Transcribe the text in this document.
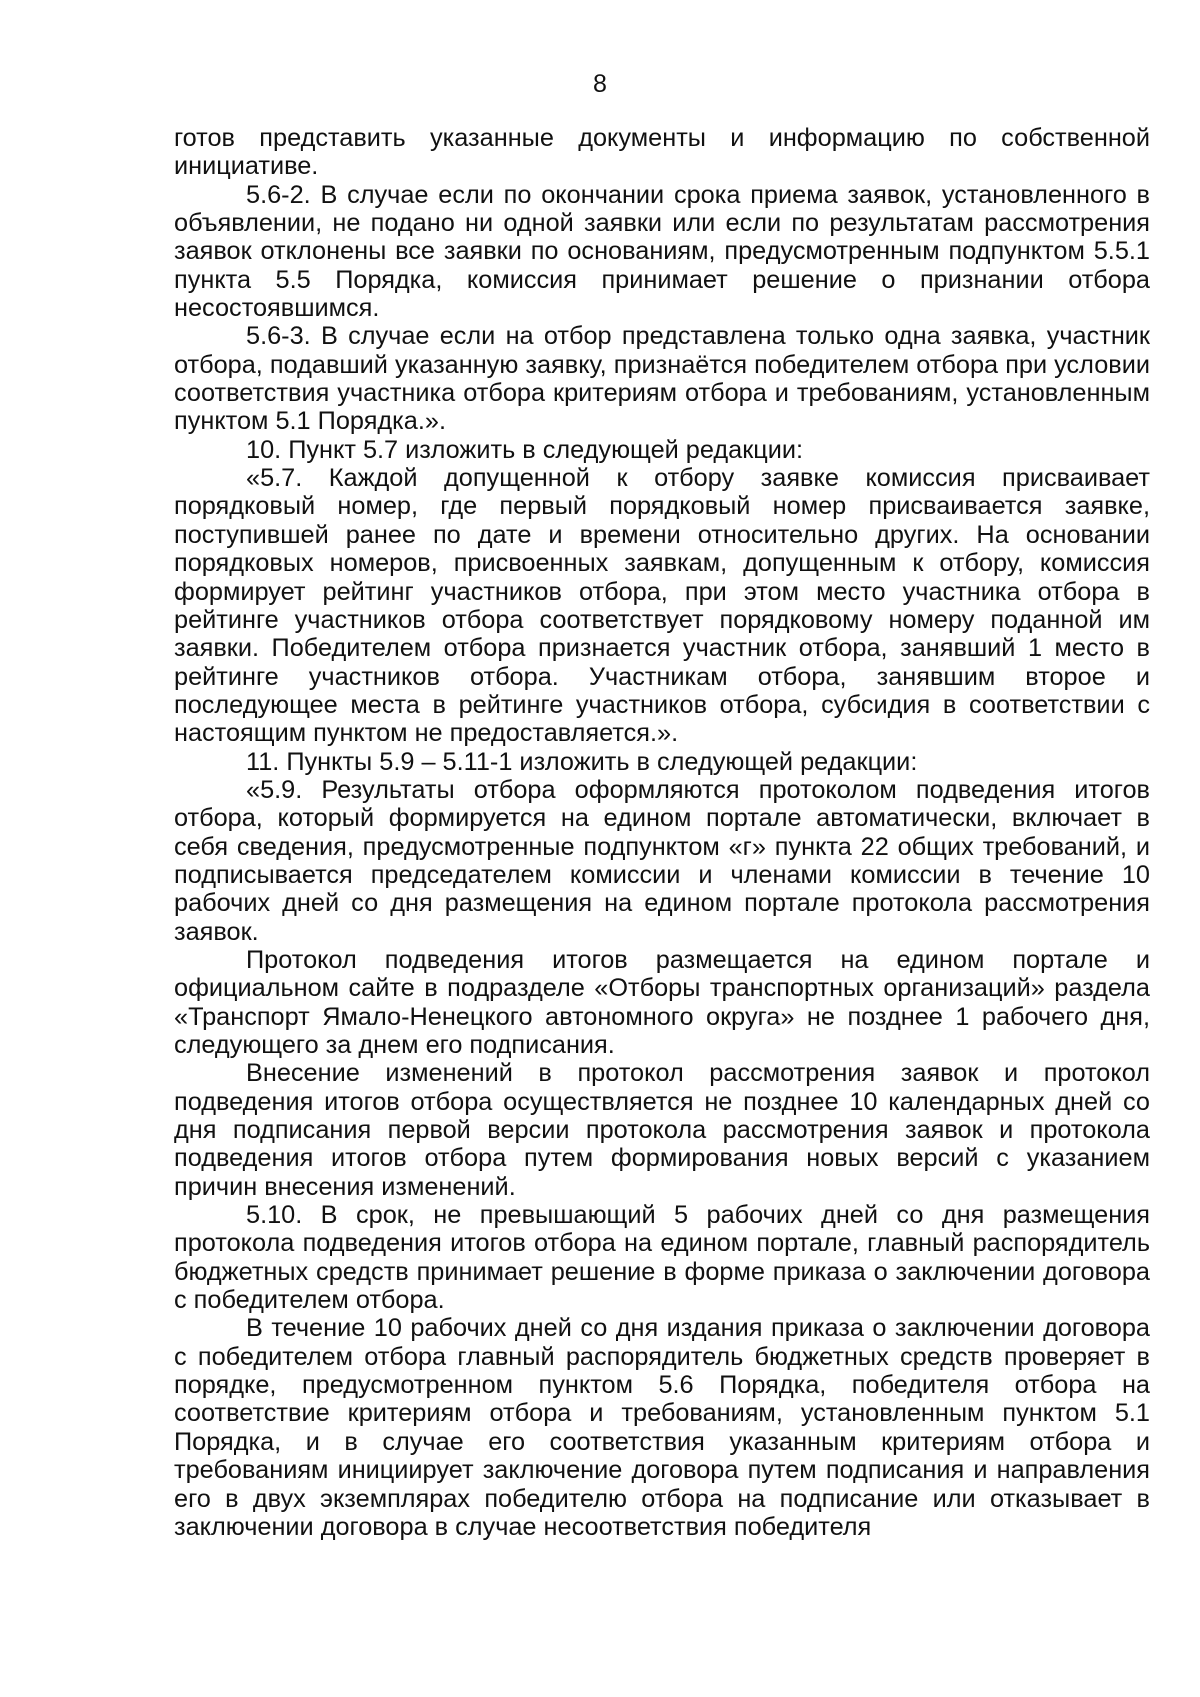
8

готов представить указанные документы и информацию по собственной инициативе.

5.6-2. В случае если по окончании срока приема заявок, установленного в объявлении, не подано ни одной заявки или если по результатам рассмотрения заявок отклонены все заявки по основаниям, предусмотренным подпунктом 5.5.1 пункта 5.5 Порядка, комиссия принимает решение о признании отбора несостоявшимся.

5.6-3. В случае если на отбор представлена только одна заявка, участник отбора, подавший указанную заявку, признаётся победителем отбора при условии соответствия участника отбора критериям отбора и требованиям, установленным пунктом 5.1 Порядка.».

10. Пункт 5.7 изложить в следующей редакции:

«5.7. Каждой допущенной к отбору заявке комиссия присваивает порядковый номер, где первый порядковый номер присваивается заявке, поступившей ранее по дате и времени относительно других. На основании порядковых номеров, присвоенных заявкам, допущенным к отбору, комиссия формирует рейтинг участников отбора, при этом место участника отбора в рейтинге участников отбора соответствует порядковому номеру поданной им заявки. Победителем отбора признается участник отбора, занявший 1 место в рейтинге участников отбора. Участникам отбора, занявшим второе и последующее места в рейтинге участников отбора, субсидия в соответствии с настоящим пунктом не предоставляется.».

11. Пункты 5.9 – 5.11-1 изложить в следующей редакции:

«5.9. Результаты отбора оформляются протоколом подведения итогов отбора, который формируется на едином портале автоматически, включает в себя сведения, предусмотренные подпунктом «г» пункта 22 общих требований, и подписывается председателем комиссии и членами комиссии в течение 10 рабочих дней со дня размещения на едином портале протокола рассмотрения заявок.

Протокол подведения итогов размещается на едином портале и официальном сайте в подразделе «Отборы транспортных организаций» раздела «Транспорт Ямало-Ненецкого автономного округа» не позднее 1 рабочего дня, следующего за днем его подписания.

Внесение изменений в протокол рассмотрения заявок и протокол подведения итогов отбора осуществляется не позднее 10 календарных дней со дня подписания первой версии протокола рассмотрения заявок и протокола подведения итогов отбора путем формирования новых версий с указанием причин внесения изменений.

5.10. В срок, не превышающий 5 рабочих дней со дня размещения протокола подведения итогов отбора на едином портале, главный распорядитель бюджетных средств принимает решение в форме приказа о заключении договора с победителем отбора.

В течение 10 рабочих дней со дня издания приказа о заключении договора с победителем отбора главный распорядитель бюджетных средств проверяет в порядке, предусмотренном пунктом 5.6 Порядка, победителя отбора на соответствие критериям отбора и требованиям, установленным пунктом 5.1 Порядка, и в случае его соответствия указанным критериям отбора и требованиям инициирует заключение договора путем подписания и направления его в двух экземплярах победителю отбора на подписание или отказывает в заключении договора в случае несоответствия победителя
